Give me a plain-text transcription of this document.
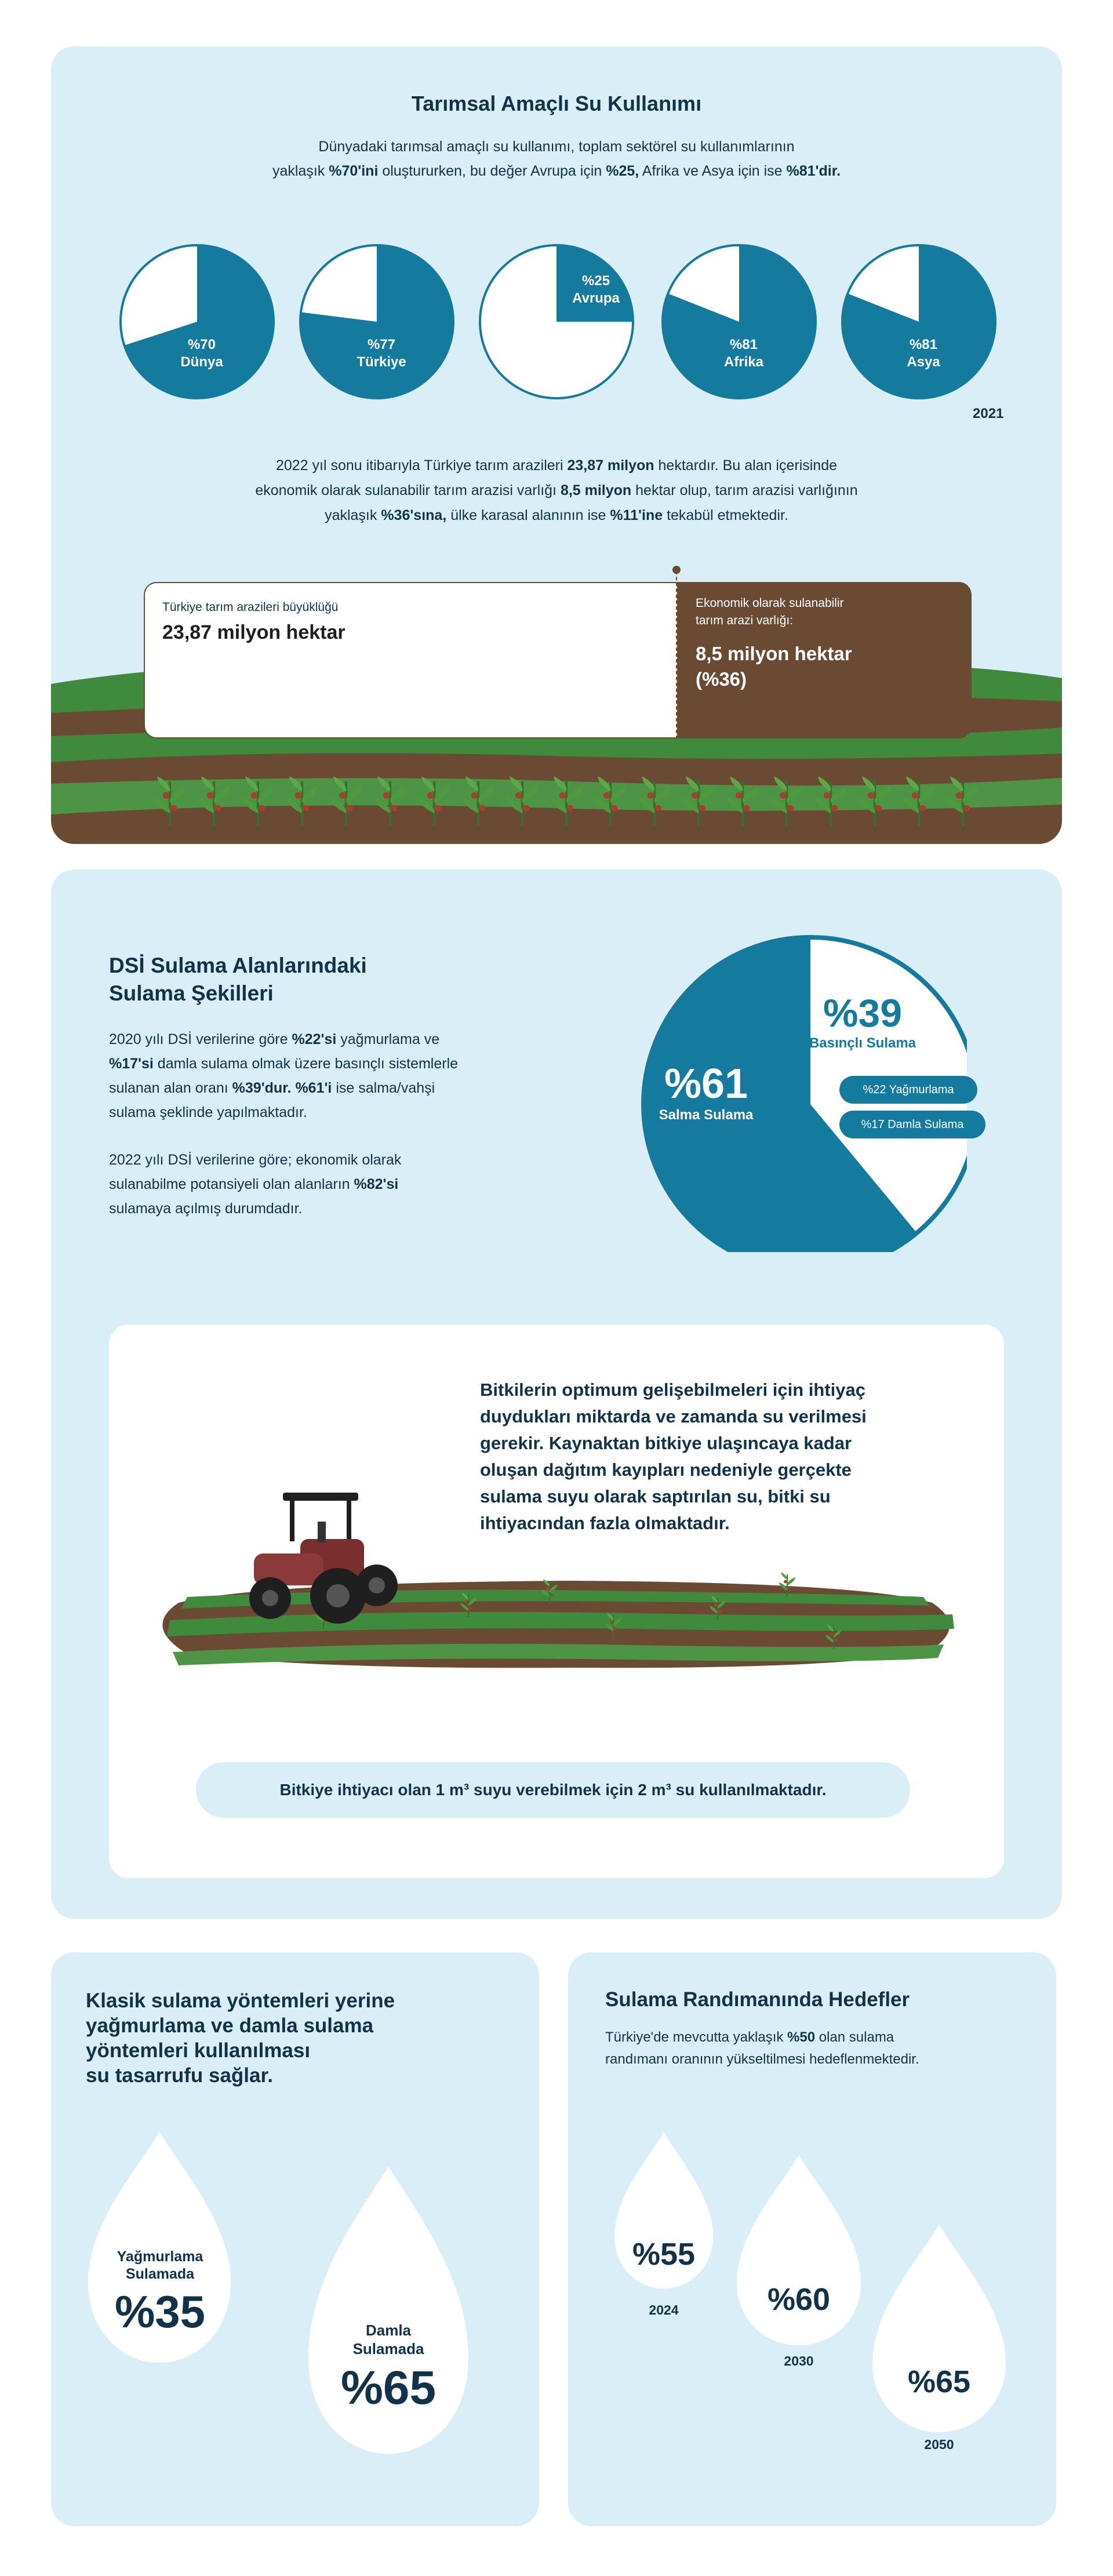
Tarımsal Amaçlı Su Kullanımı
Dünyadaki tarımsal amaçlı su kullanımı, toplam sektörel su kullanımlarının
yaklaşık %70'ini oluştururken, bu değer Avrupa için %25, Afrika ve Asya için ise %81'dir.
%70
Dünya
%77
Türkiye
%25
Avrupa
%81
Afrika
%81
Asya
2021
2022 yıl sonu itibarıyla Türkiye tarım arazileri 23,87 milyon hektardır. Bu alan içerisinde
ekonomik olarak sulanabilir tarım arazisi varlığı 8,5 milyon hektar olup, tarım arazisi varlığının
yaklaşık %36'sına, ülke karasal alanının ise %11'ine tekabül etmektedir.
Türkiye tarım arazileri büyüklüğü
23,87 milyon hektar
Ekonomik olarak sulanabilir
tarım arazi varlığı:
8,5 milyon hektar
(%36)
DSİ Sulama Alanlarındaki
Sulama Şekilleri
2020 yılı DSİ verilerine göre %22'si yağmurlama ve
%17'si damla sulama olmak üzere basınçlı sistemlerle
sulanan alan oranı %39'dur. %61'i ise salma/vahşi
sulama şeklinde yapılmaktadır.
2022 yılı DSİ verilerine göre; ekonomik olarak
sulanabilme potansiyeli olan alanların %82'si
sulamaya açılmış durumdadır.
%61
Salma Sulama
%39
Basınçlı Sulama
%22 Yağmurlama
%17 Damla Sulama
Bitkilerin optimum gelişebilmeleri için ihtiyaç
duydukları miktarda ve zamanda su verilmesi
gerekir. Kaynaktan bitkiye ulaşıncaya kadar
oluşan dağıtım kayıpları nedeniyle gerçekte
sulama suyu olarak saptırılan su, bitki su
ihtiyacından fazla olmaktadır.
Bitkiye ihtiyacı olan 1 m³ suyu verebilmek için 2 m³ su kullanılmaktadır.
Klasik sulama yöntemleri yerine
yağmurlama ve damla sulama
yöntemleri kullanılması
su tasarrufu sağlar.
Yağmurlama
Sulamada
%35	Damla
Sulamada
%65
Sulama Randımanında Hedefler
Türkiye'de mevcutta yaklaşık %50 olan sulama
randımanı oranının yükseltilmesi hedeflenmektedir.
%55
2024	%60
2030
%65
2050
